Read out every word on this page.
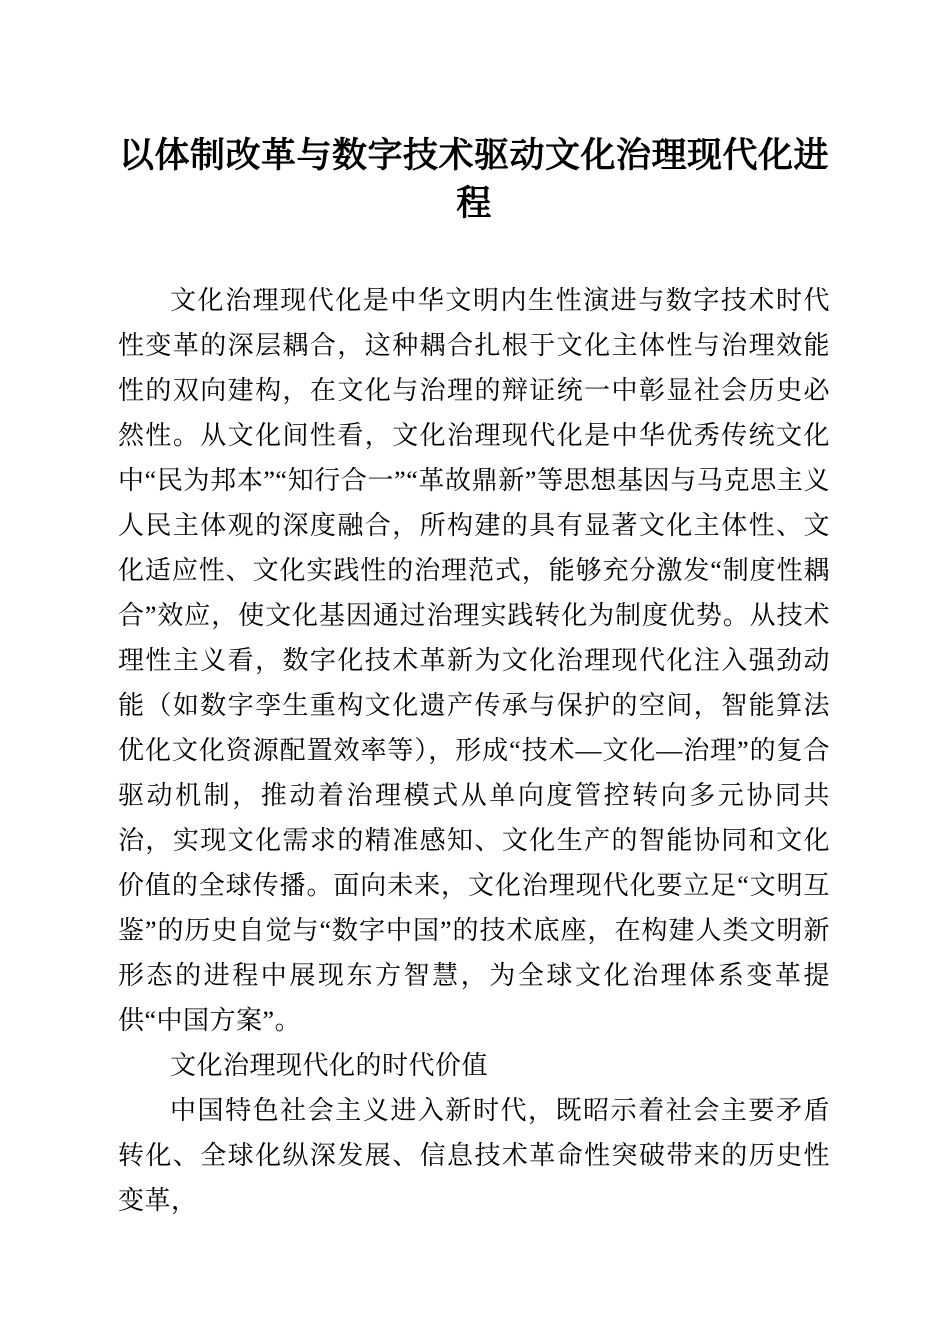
以体制改革与数字技术驱动文化治理现代化进程

文化治理现代化是中华文明内生性演进与数字技术时代性变革的深层耦合，这种耦合扎根于文化主体性与治理效能性的双向建构，在文化与治理的辩证统一中彰显社会历史必然性。从文化间性看，文化治理现代化是中华优秀传统文化中“民为邦本”“知行合一”“革故鼎新”等思想基因与马克思主义人民主体观的深度融合，所构建的具有显著文化主体性、文化适应性、文化实践性的治理范式，能够充分激发“制度性耦合”效应，使文化基因通过治理实践转化为制度优势。从技术理性主义看，数字化技术革新为文化治理现代化注入强劲动能（如数字孪生重构文化遗产传承与保护的空间，智能算法优化文化资源配置效率等），形成“技术—文化—治理”的复合驱动机制，推动着治理模式从单向度管控转向多元协同共治，实现文化需求的精准感知、文化生产的智能协同和文化价值的全球传播。面向未来，文化治理现代化要立足“文明互鉴”的历史自觉与“数字中国”的技术底座，在构建人类文明新形态的进程中展现东方智慧，为全球文化治理体系变革提供“中国方案”。

文化治理现代化的时代价值

中国特色社会主义进入新时代，既昭示着社会主要矛盾转化、全球化纵深发展、信息技术革命性突破带来的历史性变革，
